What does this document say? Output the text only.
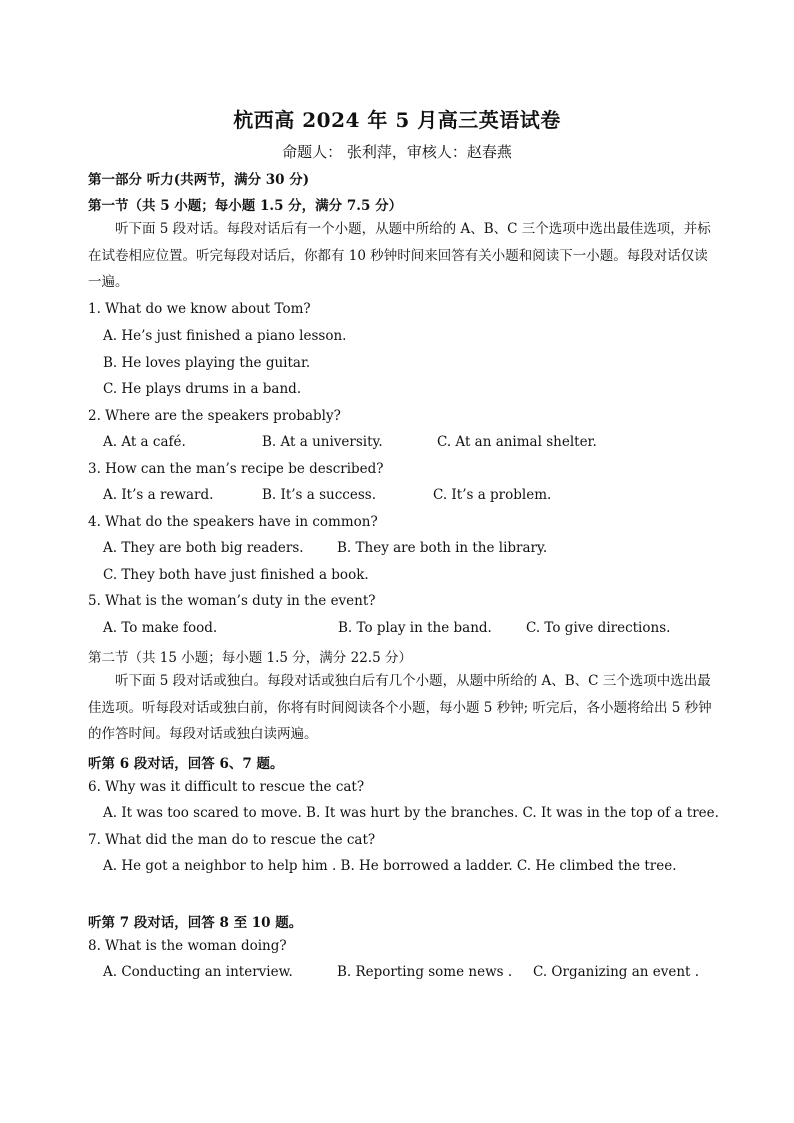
杭西高 2024 年 5 月高三英语试卷
命题人： 张利萍，审核人：赵春燕
第一部分 听力(共两节，满分 30 分)
第一节（共 5 小题；每小题 1.5 分，满分 7.5 分）
听下面 5 段对话。每段对话后有一个小题，从题中所给的 A、B、C 三个选项中选出最佳选项，并标在试卷相应位置。听完每段对话后，你都有 10 秒钟时间来回答有关小题和阅读下一小题。每段对话仅读一遍。
1. What do we know about Tom?
A. He’s just finished a piano lesson.
B. He loves playing the guitar.
C. He plays drums in a band.
2. Where are the speakers probably?
A. At a café.	B. At a university.	C. At an animal shelter.
3. How can the man’s recipe be described?
A. It’s a reward.	B. It’s a success.	C. It’s a problem.
4. What do the speakers have in common?
A. They are both big readers. B. They are both in the library.
C. They both have just finished a book.
5. What is the woman’s duty in the event?
A. To make food.	B. To play in the band.	C. To give directions.
第二节（共 15 小题；每小题 1.5 分，满分 22.5 分）
听下面 5 段对话或独白。每段对话或独白后有几个小题，从题中所给的 A、B、C 三个选项中选出最佳选项。听每段对话或独白前，你将有时间阅读各个小题，每小题 5 秒钟; 听完后，各小题将给出 5 秒钟的作答时间。每段对话或独白读两遍。
听第 6 段对话，回答 6、7 题。
6. Why was it difficult to rescue the cat?
A. It was too scared to move. B. It was hurt by the branches. C. It was in the top of a tree.
7. What did the man do to rescue the cat?
A. He got a neighbor to help him . B. He borrowed a ladder. C. He climbed the tree.
听第 7 段对话，回答 8 至 10 题。
8. What is the woman doing?
A. Conducting an interview.	B. Reporting some news . C. Organizing an event .
